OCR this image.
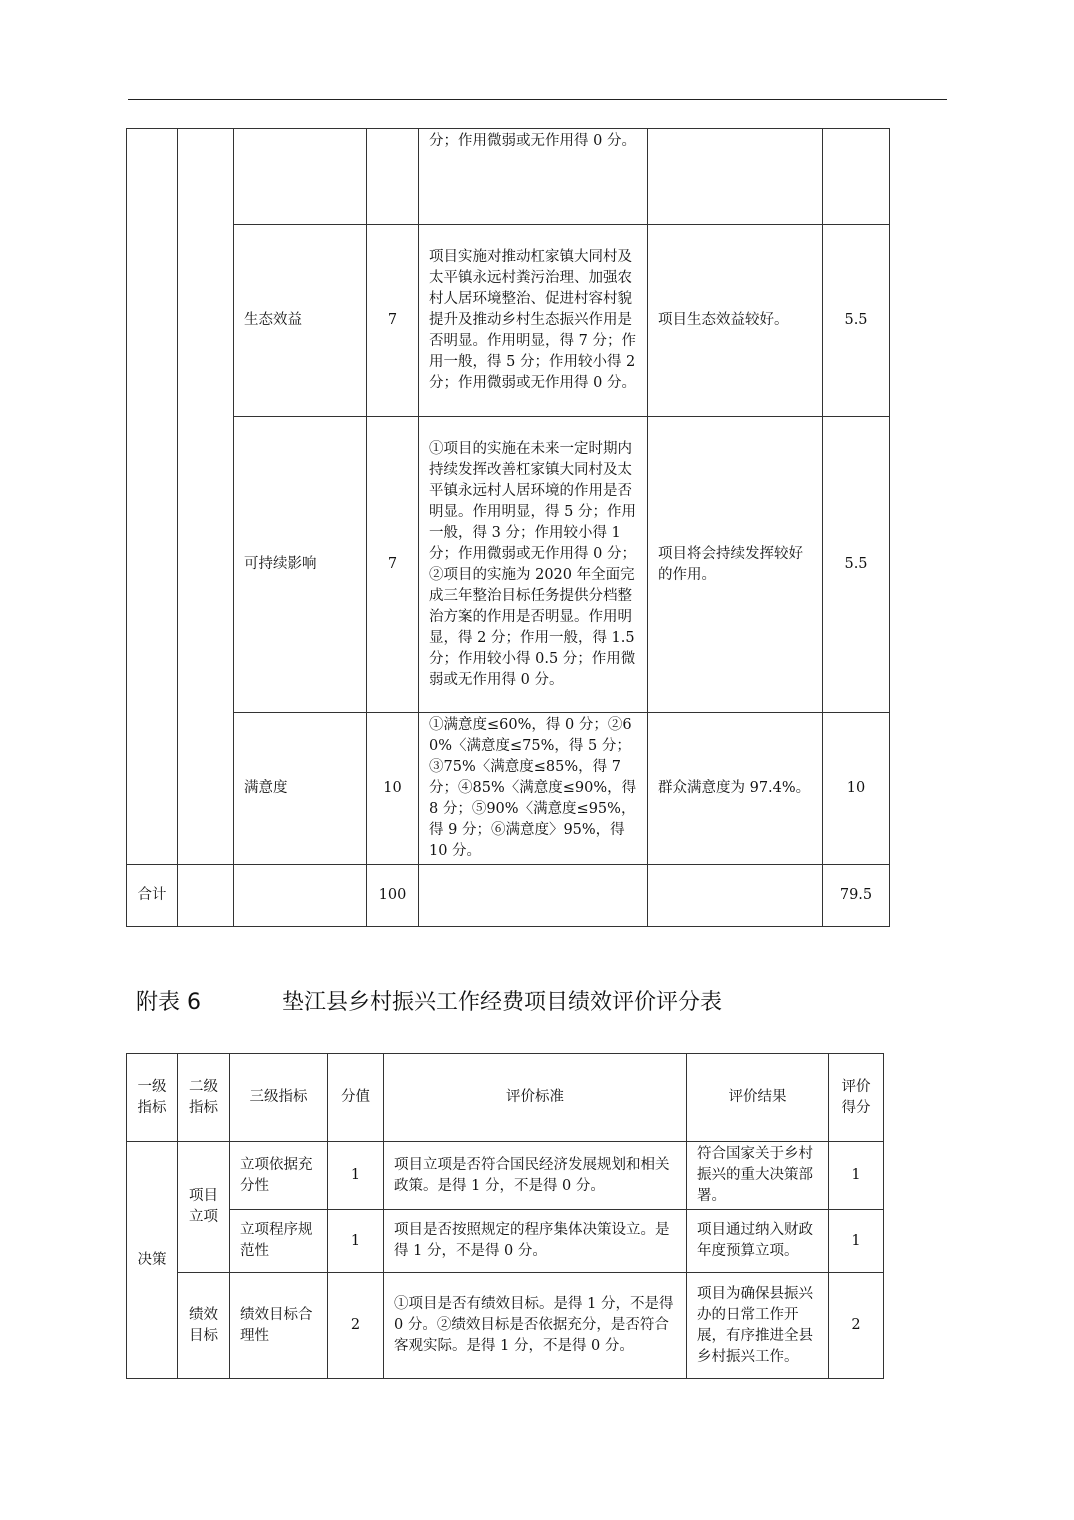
				分；作用微弱或无作用得 0 分。		
		生态效益	7	项目实施对推动杠家镇大同村及太平镇永远村粪污治理、加强农村人居环境整治、促进村容村貌提升及推动乡村生态振兴作用是否明显。作用明显，得 7 分；作用一般，得 5 分；作用较小得 2 分；作用微弱或无作用得 0 分。	项目生态效益较好。	5.5
		可持续影响	7	①项目的实施在未来一定时期内持续发挥改善杠家镇大同村及太平镇永远村人居环境的作用是否明显。作用明显，得 5 分；作用一般，得 3 分；作用较小得 1 分；作用微弱或无作用得 0 分；②项目的实施为 2020 年全面完成三年整治目标任务提供分档整治方案的作用是否明显。作用明显，得 2 分；作用一般，得 1.5 分；作用较小得 0.5 分；作用微弱或无作用得 0 分。	项目将会持续发挥较好的作用。	5.5
		满意度	10	①满意度≤60%，得 0 分；②60%〈满意度≤75%，得 5 分；③75%〈满意度≤85%，得 7 分；④85%〈满意度≤90%，得 8 分；⑤90%〈满意度≤95%，得 9 分；⑥满意度〉95%，得 10 分。	群众满意度为 97.4%。	10
合计			100			79.5
附表 6	垫江县乡村振兴工作经费项目绩效评价评分表
一级指标	二级指标	三级指标	分值	评价标准	评价结果	评价得分
决策	项目立项	立项依据充分性	1	项目立项是否符合国民经济发展规划和相关政策。是得 1 分，不是得 0 分。	符合国家关于乡村振兴的重大决策部署。	1
		立项程序规范性	1	项目是否按照规定的程序集体决策设立。是得 1 分，不是得 0 分。	项目通过纳入财政年度预算立项。	1
	绩效目标	绩效目标合理性	2	①项目是否有绩效目标。是得 1 分，不是得 0 分。②绩效目标是否依据充分，是否符合客观实际。是得 1 分，不是得 0 分。	项目为确保县振兴办的日常工作开展，有序推进全县乡村振兴工作。	2
